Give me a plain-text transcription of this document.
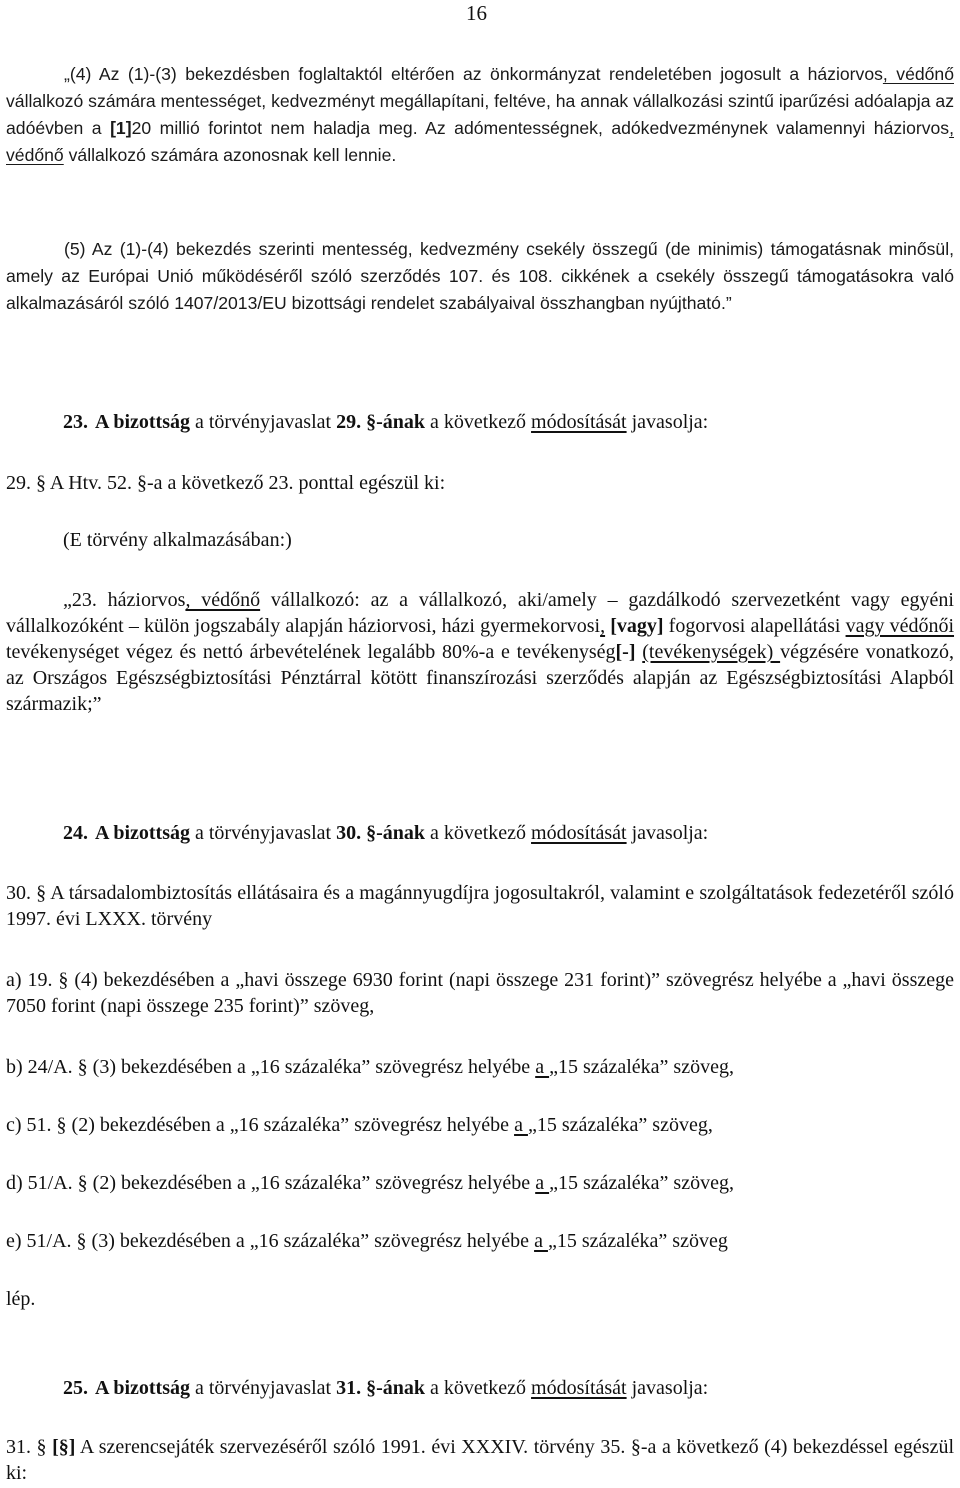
16
„(4) Az (1)-(3) bekezdésben foglaltaktól eltérően az önkormányzat rendeletében jogosult a háziorvos, védőnő vállalkozó számára mentességet, kedvezményt megállapítani, feltéve, ha annak vállalkozási szintű iparűzési adóalapja az adóévben a [1]20 millió forintot nem haladja meg. Az adómentességnek, adókedvezménynek valamennyi háziorvos, védőnő vállalkozó számára azonosnak kell lennie.
(5) Az (1)-(4) bekezdés szerinti mentesség, kedvezmény csekély összegű (de minimis) támogatásnak minősül, amely az Európai Unió működéséről szóló szerződés 107. és 108. cikkének a csekély összegű támogatásokra való alkalmazásáról szóló 1407/2013/EU bizottsági rendelet szabályaival összhangban nyújtható.”
23. A bizottság a törvényjavaslat 29. §-ának a következő módosítását javasolja:
29. § A Htv. 52. §-a a következő 23. ponttal egészül ki:
(E törvény alkalmazásában:)
„23. háziorvos, védőnő vállalkozó: az a vállalkozó, aki/amely – gazdálkodó szervezetként vagy egyéni vállalkozóként – külön jogszabály alapján háziorvosi, házi gyermekorvosi, [vagy] fogorvosi alapellátási vagy védőnői tevékenységet végez és nettó árbevételének legalább 80%-a e tevékenység[-] (tevékenységek) végzésére vonatkozó, az Országos Egészségbiztosítási Pénztárral kötött finanszírozási szerződés alapján az Egészségbiztosítási Alapból származik;”
24. A bizottság a törvényjavaslat 30. §-ának a következő módosítását javasolja:
30. § A társadalombiztosítás ellátásaira és a magánnyugdíjra jogosultakról, valamint e szolgáltatások fedezetéről szóló 1997. évi LXXX. törvény
a) 19. § (4) bekezdésében a „havi összege 6930 forint (napi összege 231 forint)” szövegrész helyébe a „havi összege 7050 forint (napi összege 235 forint)” szöveg,
b) 24/A. § (3) bekezdésében a „16 százaléka” szövegrész helyébe a „15 százaléka” szöveg,
c) 51. § (2) bekezdésében a „16 százaléka” szövegrész helyébe a „15 százaléka” szöveg,
d) 51/A. § (2) bekezdésében a „16 százaléka” szövegrész helyébe a „15 százaléka” szöveg,
e) 51/A. § (3) bekezdésében a „16 százaléka” szövegrész helyébe a „15 százaléka” szöveg
lép.
25. A bizottság a törvényjavaslat 31. §-ának a következő módosítását javasolja:
31. § [§] A szerencsejáték szervezéséről szóló 1991. évi XXXIV. törvény 35. §-a a következő (4) bekezdéssel egészül ki:
